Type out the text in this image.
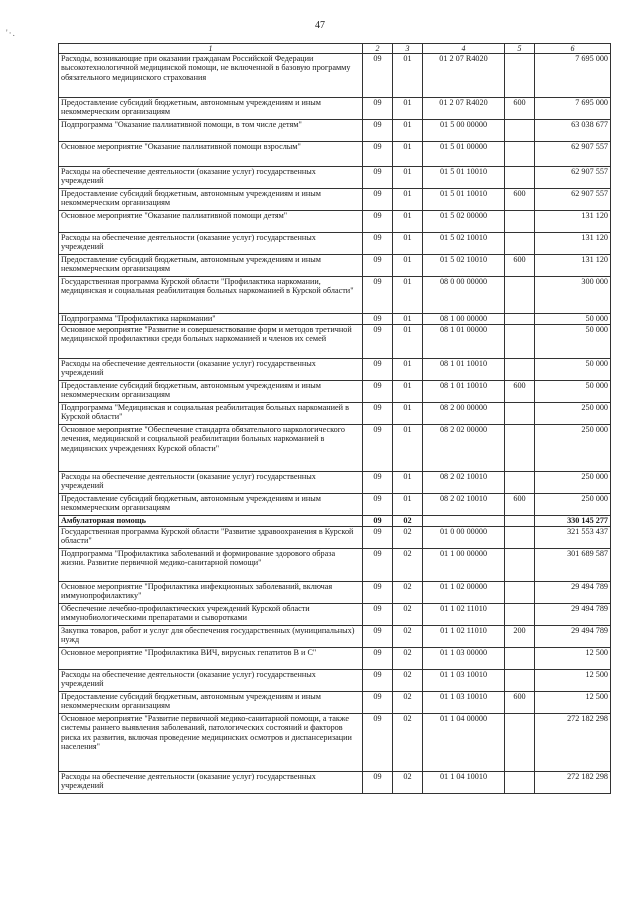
47
'·.
1	2	3	4	5	6
Расходы, возникающие при оказании гражданам Российской Федерации высокотехнологичной медицинской помощи, не включенной в базовую программу обязательного медицинского страхования	09	01	01 2 07 R4020		7 695 000
Предоставление субсидий бюджетным, автономным учреждениям и иным некоммерческим организациям	09	01	01 2 07 R4020	600	7 695 000
Подпрограмма "Оказание паллиативной помощи, в том числе детям"	09	01	01 5 00 00000		63 038 677
Основное мероприятие "Оказание паллиативной помощи взрослым"	09	01	01 5 01 00000		62 907 557
Расходы на обеспечение деятельности (оказание услуг) государственных учреждений	09	01	01 5 01 10010		62 907 557
Предоставление субсидий бюджетным, автономным учреждениям и иным некоммерческим организациям	09	01	01 5 01 10010	600	62 907 557
Основное мероприятие "Оказание паллиативной помощи детям"	09	01	01 5 02 00000		131 120
Расходы на обеспечение деятельности (оказание услуг) государственных учреждений	09	01	01 5 02 10010		131 120
Предоставление субсидий бюджетным, автономным учреждениям и иным некоммерческим организациям	09	01	01 5 02 10010	600	131 120
Государственная программа Курской области "Профилактика наркомании, медицинская и социальная реабилитация больных наркоманией в Курской области"	09	01	08 0 00 00000		300 000
Подпрограмма "Профилактика наркомании"	09	01	08 1 00 00000		50 000
Основное мероприятие "Развитие и совершенствование форм и методов третичной медицинской профилактики среди больных наркоманией и членов их семей	09	01	08 1 01 00000		50 000
Расходы на обеспечение деятельности (оказание услуг) государственных учреждений	09	01	08 1 01 10010		50 000
Предоставление субсидий бюджетным, автономным учреждениям и иным некоммерческим организациям	09	01	08 1 01 10010	600	50 000
Подпрограмма "Медицинская и социальная реабилитация больных наркоманией в Курской области"	09	01	08 2 00 00000		250 000
Основное мероприятие "Обеспечение стандарта обязательного наркологического лечения, медицинской и социальной реабилитации больных наркоманией в медицинских учреждениях Курской области"	09	01	08 2 02 00000		250 000
Расходы на обеспечение деятельности (оказание услуг) государственных учреждений	09	01	08 2 02 10010		250 000
Предоставление субсидий бюджетным, автономным учреждениям и иным некоммерческим организациям	09	01	08 2 02 10010	600	250 000
Амбулаторная помощь	09	02			330 145 277
Государственная программа Курской области "Развитие здравоохранения в Курской области"	09	02	01 0 00 00000		321 553 437
Подпрограмма "Профилактика заболеваний и формирование здорового образа жизни. Развитие первичной медико-санитарной помощи"	09	02	01 1 00 00000		301 689 587
Основное мероприятие "Профилактика инфекционных заболеваний, включая иммунопрофилактику"	09	02	01 1 02 00000		29 494 789
Обеспечение лечебно-профилактических учреждений Курской области иммунобиологическими препаратами и сыворотками	09	02	01 1 02 11010		29 494 789
Закупка товаров, работ и услуг для обеспечения государственных (муниципальных) нужд	09	02	01 1 02 11010	200	29 494 789
Основное мероприятие "Профилактика ВИЧ, вирусных гепатитов В и С"	09	02	01 1 03 00000		12 500
Расходы на обеспечение деятельности (оказание услуг) государственных учреждений	09	02	01 1 03 10010		12 500
Предоставление субсидий бюджетным, автономным учреждениям и иным некоммерческим организациям	09	02	01 1 03 10010	600	12 500
Основное мероприятие "Развитие первичной медико-санитарной помощи, а также системы раннего выявления заболеваний, патологических состояний и факторов риска их развития, включая проведение медицинских осмотров и диспансеризации населения"	09	02	01 1 04 00000		272 182 298
Расходы на обеспечение деятельности (оказание услуг) государственных учреждений	09	02	01 1 04 10010		272 182 298
